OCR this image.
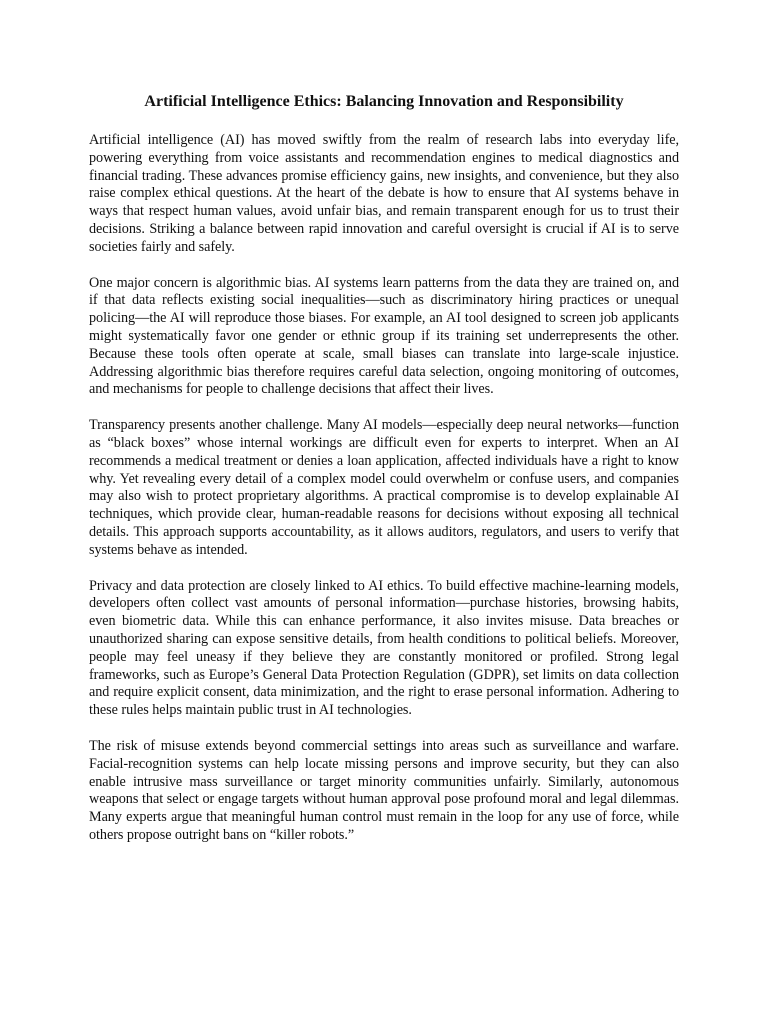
Artificial Intelligence Ethics: Balancing Innovation and Responsibility

Artificial intelligence (AI) has moved swiftly from the realm of research labs into everyday life, powering everything from voice assistants and recommendation engines to medical diagnostics and financial trading. These advances promise efficiency gains, new insights, and convenience, but they also raise complex ethical questions. At the heart of the debate is how to ensure that AI systems behave in ways that respect human values, avoid unfair bias, and remain transparent enough for us to trust their decisions. Striking a balance between rapid innovation and careful oversight is crucial if AI is to serve societies fairly and safely.

One major concern is algorithmic bias. AI systems learn patterns from the data they are trained on, and if that data reflects existing social inequalities—such as discriminatory hiring practices or unequal policing—the AI will reproduce those biases. For example, an AI tool designed to screen job applicants might systematically favor one gender or ethnic group if its training set underrepresents the other. Because these tools often operate at scale, small biases can translate into large-scale injustice. Addressing algorithmic bias therefore requires careful data selection, ongoing monitoring of outcomes, and mechanisms for people to challenge decisions that affect their lives.

Transparency presents another challenge. Many AI models—especially deep neural networks—function as “black boxes” whose internal workings are difficult even for experts to interpret. When an AI recommends a medical treatment or denies a loan application, affected individuals have a right to know why. Yet revealing every detail of a complex model could overwhelm or confuse users, and companies may also wish to protect proprietary algorithms. A practical compromise is to develop explainable AI techniques, which provide clear, human-readable reasons for decisions without exposing all technical details. This approach supports accountability, as it allows auditors, regulators, and users to verify that systems behave as intended.

Privacy and data protection are closely linked to AI ethics. To build effective machine-learning models, developers often collect vast amounts of personal information—purchase histories, browsing habits, even biometric data. While this can enhance performance, it also invites misuse. Data breaches or unauthorized sharing can expose sensitive details, from health conditions to political beliefs. Moreover, people may feel uneasy if they believe they are constantly monitored or profiled. Strong legal frameworks, such as Europe’s General Data Protection Regulation (GDPR), set limits on data collection and require explicit consent, data minimization, and the right to erase personal information. Adhering to these rules helps maintain public trust in AI technologies.

The risk of misuse extends beyond commercial settings into areas such as surveillance and warfare. Facial-recognition systems can help locate missing persons and improve security, but they can also enable intrusive mass surveillance or target minority communities unfairly. Similarly, autonomous weapons that select or engage targets without human approval pose profound moral and legal dilemmas. Many experts argue that meaningful human control must remain in the loop for any use of force, while others propose outright bans on “killer robots.”
